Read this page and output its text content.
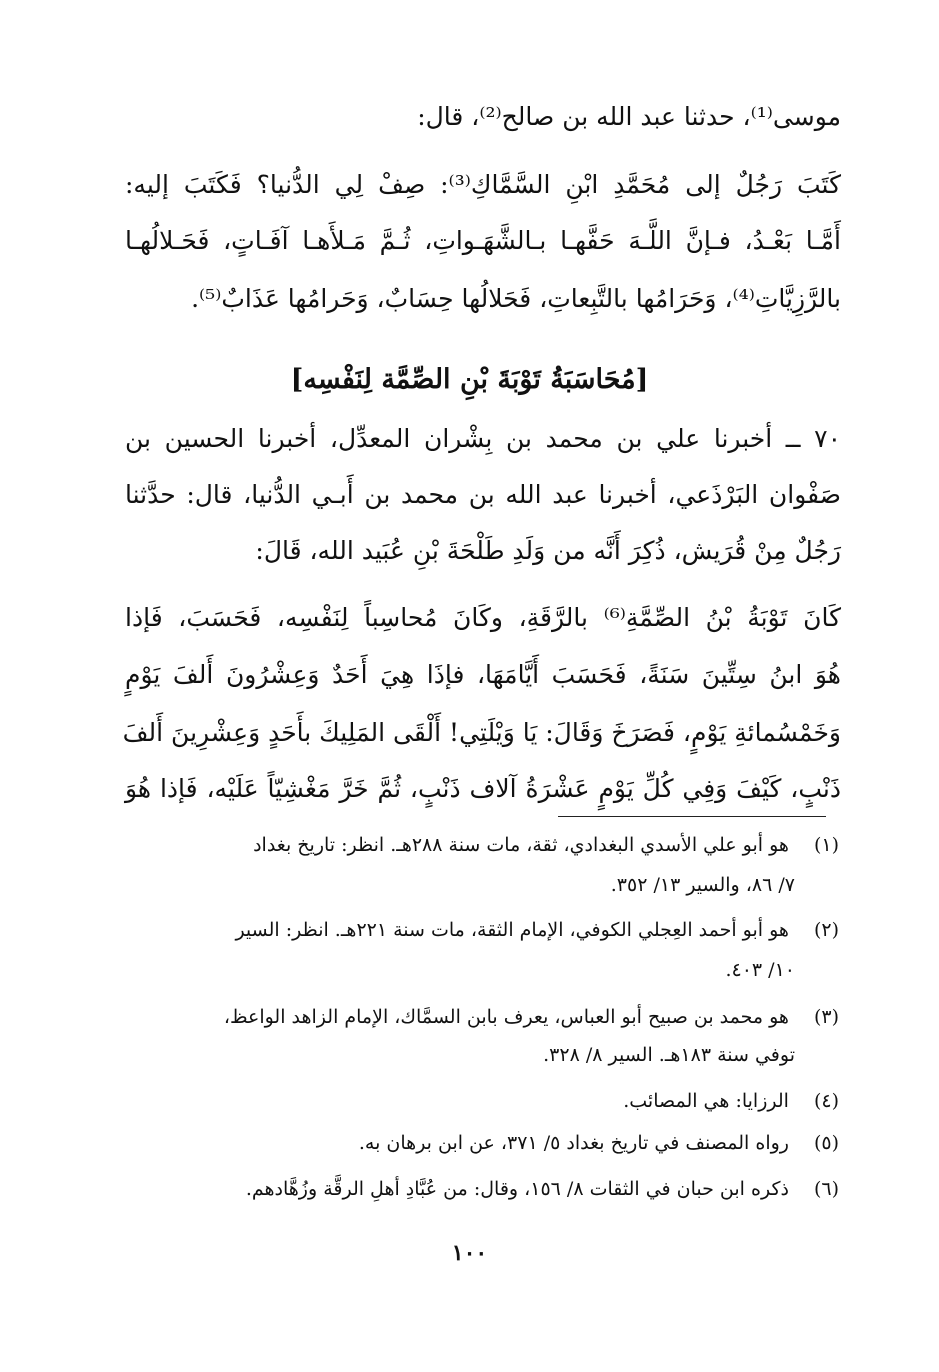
موسى⁽¹⁾، حدثنا عبد الله بن صالح⁽²⁾، قال:
كَتَبَ رَجُلٌ إلى مُحَمَّدِ ابْنِ السَّمَّاكِ⁽³⁾: صِفْ لِي الدُّنيا؟ فَكَتَبَ إليه:
أَمَّـا بَعْـدُ، فـإنَّ اللَّـهَ حَفَّهـا بـالشَّهَـواتِ، ثُـمَّ مَـلأَهـا آفَـاتٍ، فَحَـلالُهـا
بالرَّزِيَّاتِ⁽⁴⁾، وَحَرَامُها بالتَّبِعاتِ، فَحَلالُها حِسَابٌ، وَحَرامُها عَذَابٌ⁽⁵⁾.
[مُحَاسَبَةُ تَوْبَةَ بْنِ الصِّمَّة لِنَفْسِه]
٧٠ ــ أخبرنا علي بن محمد بن بِشْران المعدِّل، أخبرنا الحسين بن
صَفْوان البَرْذَعي، أخبرنا عبد الله بن محمد بن أَبـي الدُّنيا، قال: حدَّثنا
رَجُلٌ مِنْ قُرَيش، ذُكِرَ أَنَّه من وَلَدِ طَلْحَةَ بْنِ عُبَيد الله، قَالَ:
كَانَ تَوْبَةُ بْنُ الصِّمَّةِ⁽⁶⁾ بالرَّقَةِ، وكَانَ مُحاسِباً لِنَفْسِه، فَحَسَبَ، فَإذا
هُوَ ابنُ سِتِّينَ سَنَةً، فَحَسَبَ أَيَّامَهَا، فإذَا هِيَ أَحَدٌ وَعِشْرُونَ أَلفَ يَوْمٍ
وَخَمْسُمائةِ يَوْمٍ، فَصَرَخَ وَقَالَ: يَا وَيْلَتِي! أَلْقَى المَلِيكَ بأَحَدٍ وَعِشْرِينَ أَلفَ
ذَنْبٍ، كَيْفَ وَفِي كُلِّ يَوْمٍ عَشْرَةُ آلاف ذَنْبٍ، ثُمَّ خَرَّ مَغْشِيّاً عَلَيْه، فَإذا هُوَ
(١) هو أبو علي الأسدي البغدادي، ثقة، مات سنة ٢٨٨هـ. انظر: تاريخ بغداد
٧/ ٨٦، والسير ١٣/ ٣٥٢.
(٢) هو أبو أحمد العِجلي الكوفي، الإمام الثقة، مات سنة ٢٢١هـ. انظر: السير
١٠/ ٤٠٣.
(٣) هو محمد بن صبيح أبو العباس، يعرف بابن السمَّاك، الإمام الزاهد الواعظ،
توفي سنة ١٨٣هـ. السير ٨/ ٣٢٨.
(٤) الرزايا: هي المصائب.
(٥) رواه المصنف في تاريخ بغداد ٥/ ٣٧١، عن ابن برهان به.
(٦) ذكره ابن حبان في الثقات ٨/ ١٥٦، وقال: من عُبَّادِ أهلِ الرقَّة وزُهَّادهم.
١٠٠
